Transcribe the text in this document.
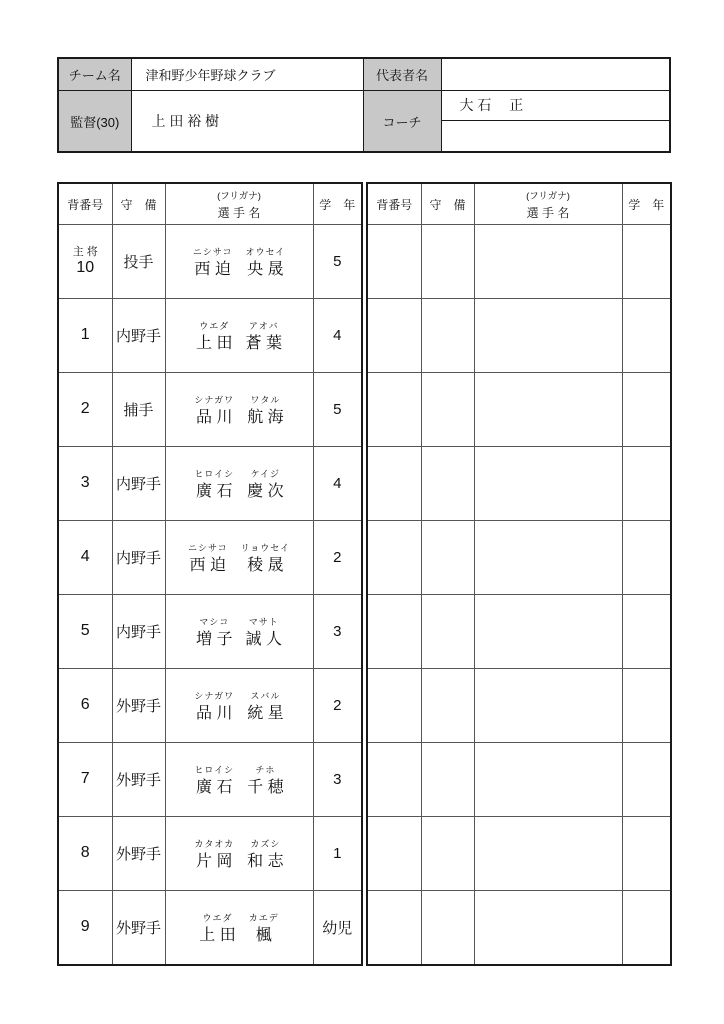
チーム名	津和野少年野球クラブ	代表者名	
監督(30)	上 田 裕 樹	コーチ	大 石　 正
背番号	守　備	(フリガナ)
選 手 名	学　年

主 将
10	投手	
ニシサコ
西 迫
オウセイ
央 晟	5

1	内野手	ウエダ
上 田
アオバ
蒼 葉	4

2	捕手	シナガワ
品 川
ワタル
航 海	5

3	内野手	ヒロイシ
廣 石
ケイジ
慶 次	4

4	内野手	ニシサコ
西 迫
リョウセイ
稜 晟	2

5	内野手	マシコ
増 子
マサト
誠 人	3

6	外野手	シナガワ
品 川
スバル
統 星	2

7	外野手	ヒロイシ
廣 石
チホ
千 穂	3

8	外野手	カタオカ
片 岡
カズシ
和 志	1

9	外野手	ウエダ
上 田
カエデ
楓	幼児
背番号	守　備	(フリガナ)
選 手 名	学　年
